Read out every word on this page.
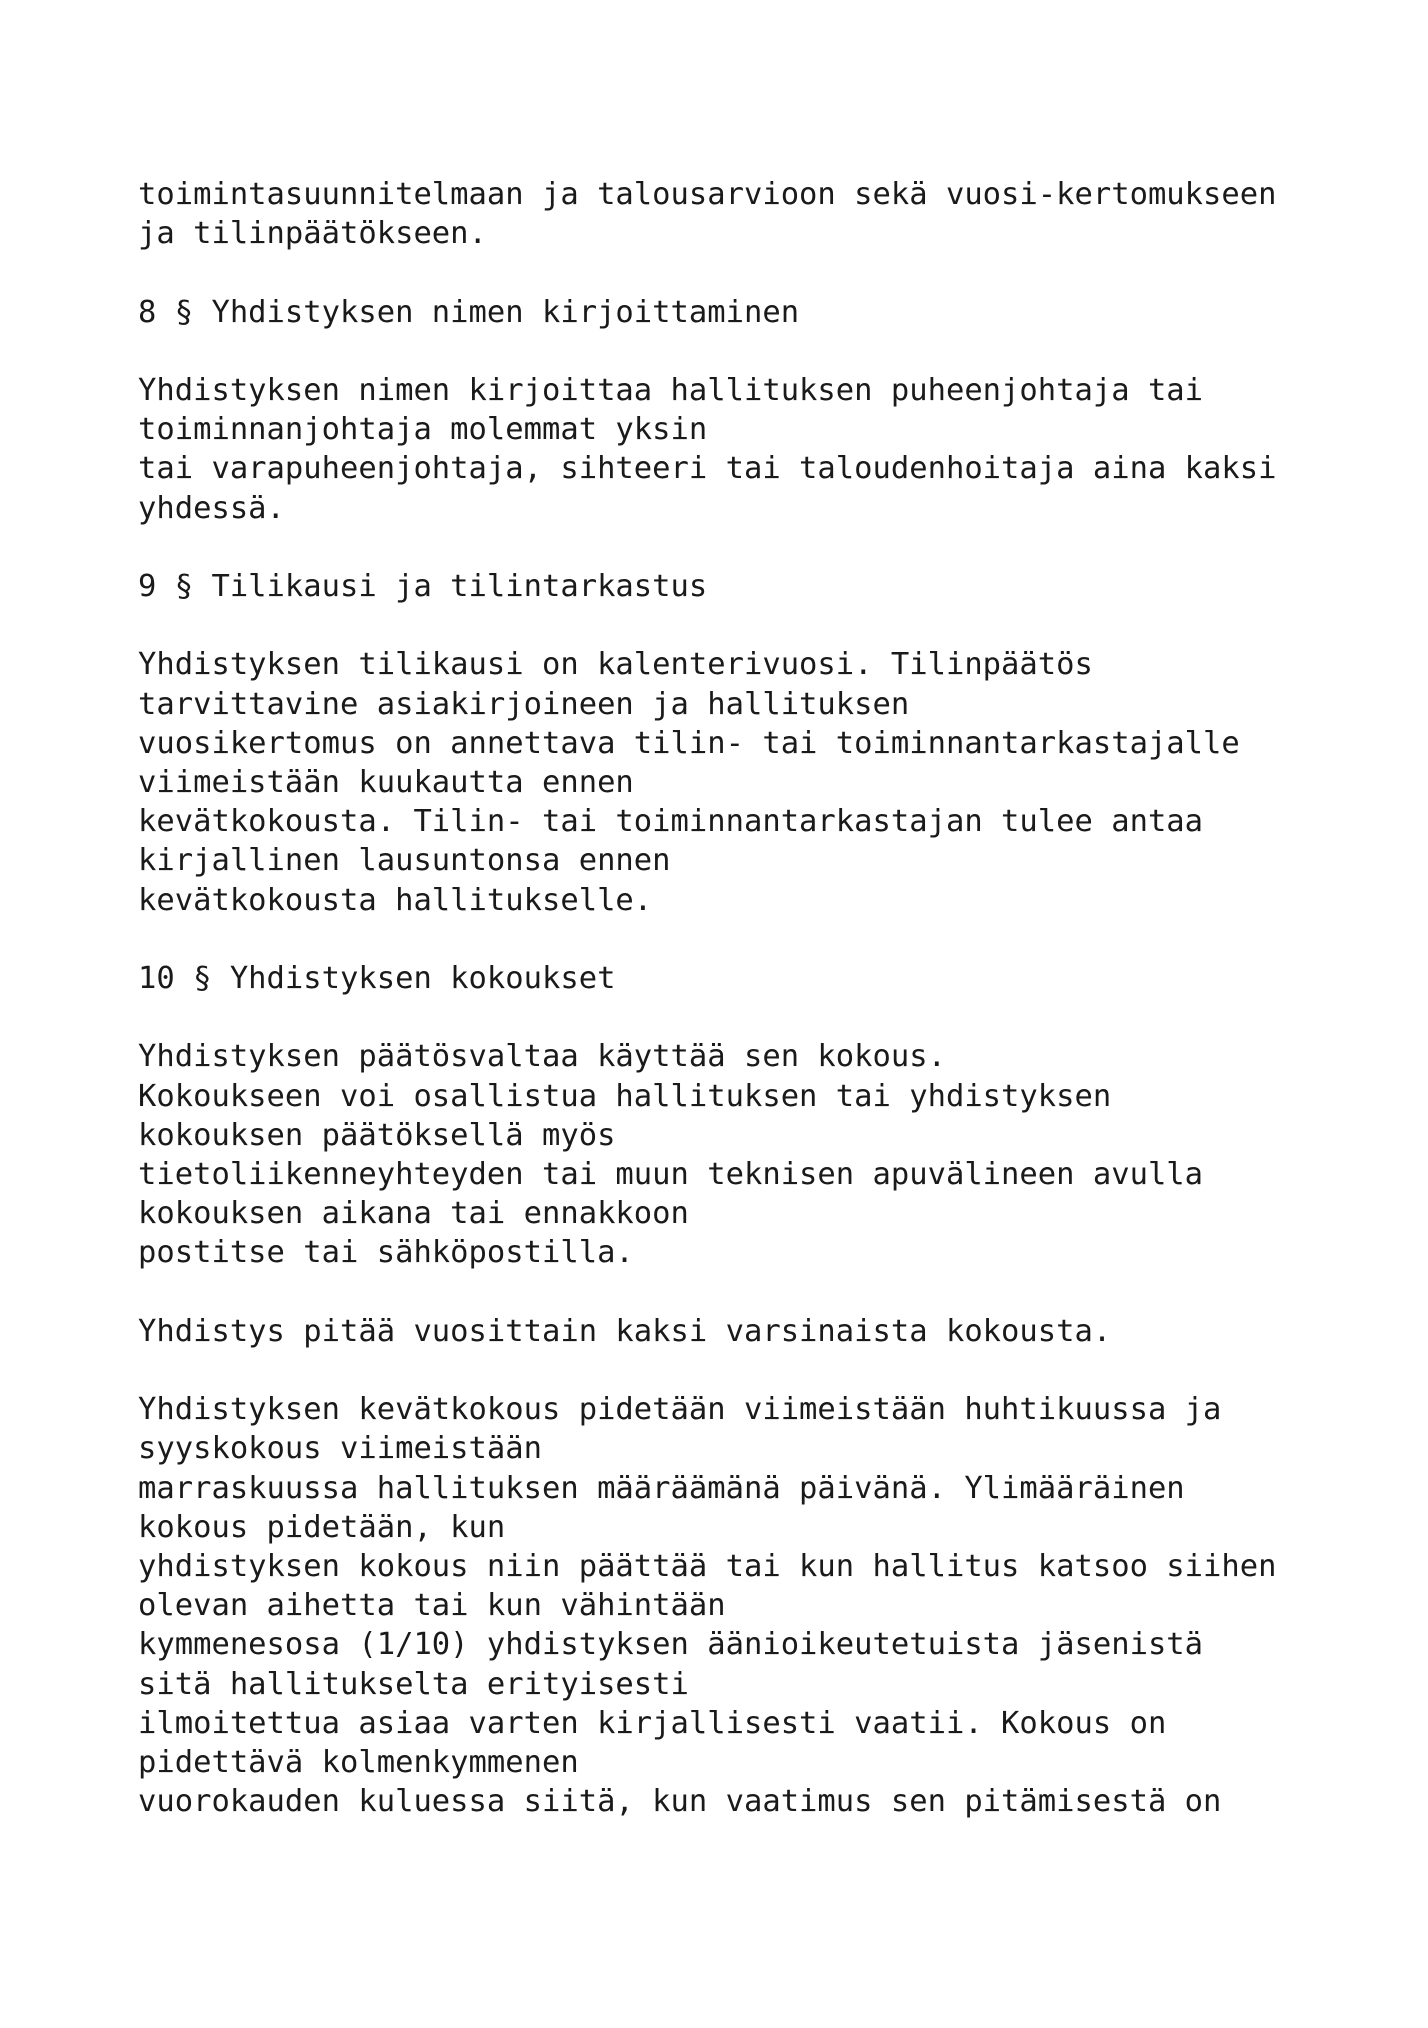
toimintasuunnitelmaan ja talousarvioon sekä vuosi-kertomukseen
ja tilinpäätökseen.
8 § Yhdistyksen nimen kirjoittaminen
Yhdistyksen nimen kirjoittaa hallituksen puheenjohtaja tai
toiminnanjohtaja molemmat yksin
tai varapuheenjohtaja, sihteeri tai taloudenhoitaja aina kaksi
yhdessä.
9 § Tilikausi ja tilintarkastus
Yhdistyksen tilikausi on kalenterivuosi. Tilinpäätös
tarvittavine asiakirjoineen ja hallituksen
vuosikertomus on annettava tilin- tai toiminnantarkastajalle
viimeistään kuukautta ennen
kevätkokousta. Tilin- tai toiminnantarkastajan tulee antaa
kirjallinen lausuntonsa ennen
kevätkokousta hallitukselle.
10 § Yhdistyksen kokoukset
Yhdistyksen päätösvaltaa käyttää sen kokous.
Kokoukseen voi osallistua hallituksen tai yhdistyksen
kokouksen päätöksellä myös
tietoliikenneyhteyden tai muun teknisen apuvälineen avulla
kokouksen aikana tai ennakkoon
postitse tai sähköpostilla.
Yhdistys pitää vuosittain kaksi varsinaista kokousta.
Yhdistyksen kevätkokous pidetään viimeistään huhtikuussa ja
syyskokous viimeistään
marraskuussa hallituksen määräämänä päivänä. Ylimääräinen
kokous pidetään, kun
yhdistyksen kokous niin päättää tai kun hallitus katsoo siihen
olevan aihetta tai kun vähintään
kymmenesosa (1/10) yhdistyksen äänioikeutetuista jäsenistä
sitä hallitukselta erityisesti
ilmoitettua asiaa varten kirjallisesti vaatii. Kokous on
pidettävä kolmenkymmenen
vuorokauden kuluessa siitä, kun vaatimus sen pitämisestä on
